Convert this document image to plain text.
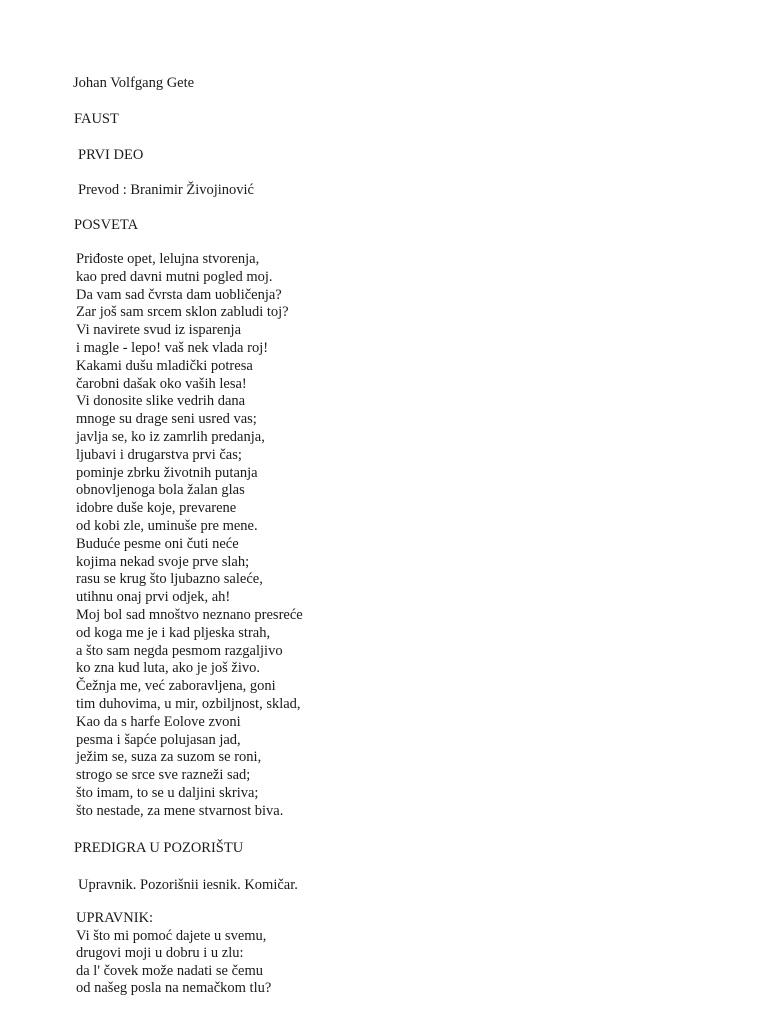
Johan Volfgang Gete
FAUST
PRVI DEO
Prevod : Branimir Živojinović
POSVETA
Priđoste opet, lelujna stvorenja,
kao pred davni mutni pogled moj.
Da vam sad čvrsta dam uobličenja?
Zar još sam srcem sklon zabludi toj?
Vi navirete svud iz isparenja
i magle - lepo! vaš nek vlada roj!
Kakami dušu mladički potresa
čarobni dašak oko vaših lesa!
Vi donosite slike vedrih dana
mnoge su drage seni usred vas;
javlja se, ko iz zamrlih predanja,
ljubavi i drugarstva prvi čas;
pominje zbrku životnih putanja
obnovljenoga bola žalan glas
idobre duše koje, prevarene
od kobi zle, uminuše pre mene.
Buduće pesme oni čuti neće
kojima nekad svoje prve slah;
rasu se krug što ljubazno saleće,
utihnu onaj prvi odjek, ah!
Moj bol sad mnoštvo neznano presreće
od koga me je i kad pljeska strah,
a što sam negda pesmom razgaljivo
ko zna kud luta, ako je još živo.
Čežnja me, već zaboravljena, goni
tim duhovima, u mir, ozbiljnost, sklad,
Kao da s harfe Eolove zvoni
pesma i šapće polujasan jad,
ježim se, suza za suzom se roni,
strogo se srce sve razneži sad;
što imam, to se u daljini skriva;
što nestade, za mene stvarnost biva.
PREDIGRA U POZORIŠTU
Upravnik. Pozorišnii iesnik. Komičar.
UPRAVNIK:
Vi što mi pomoć dajete u svemu,
drugovi moji u dobru i u zlu:
da l' čovek može nadati se čemu
od našeg posla na nemačkom tlu?
